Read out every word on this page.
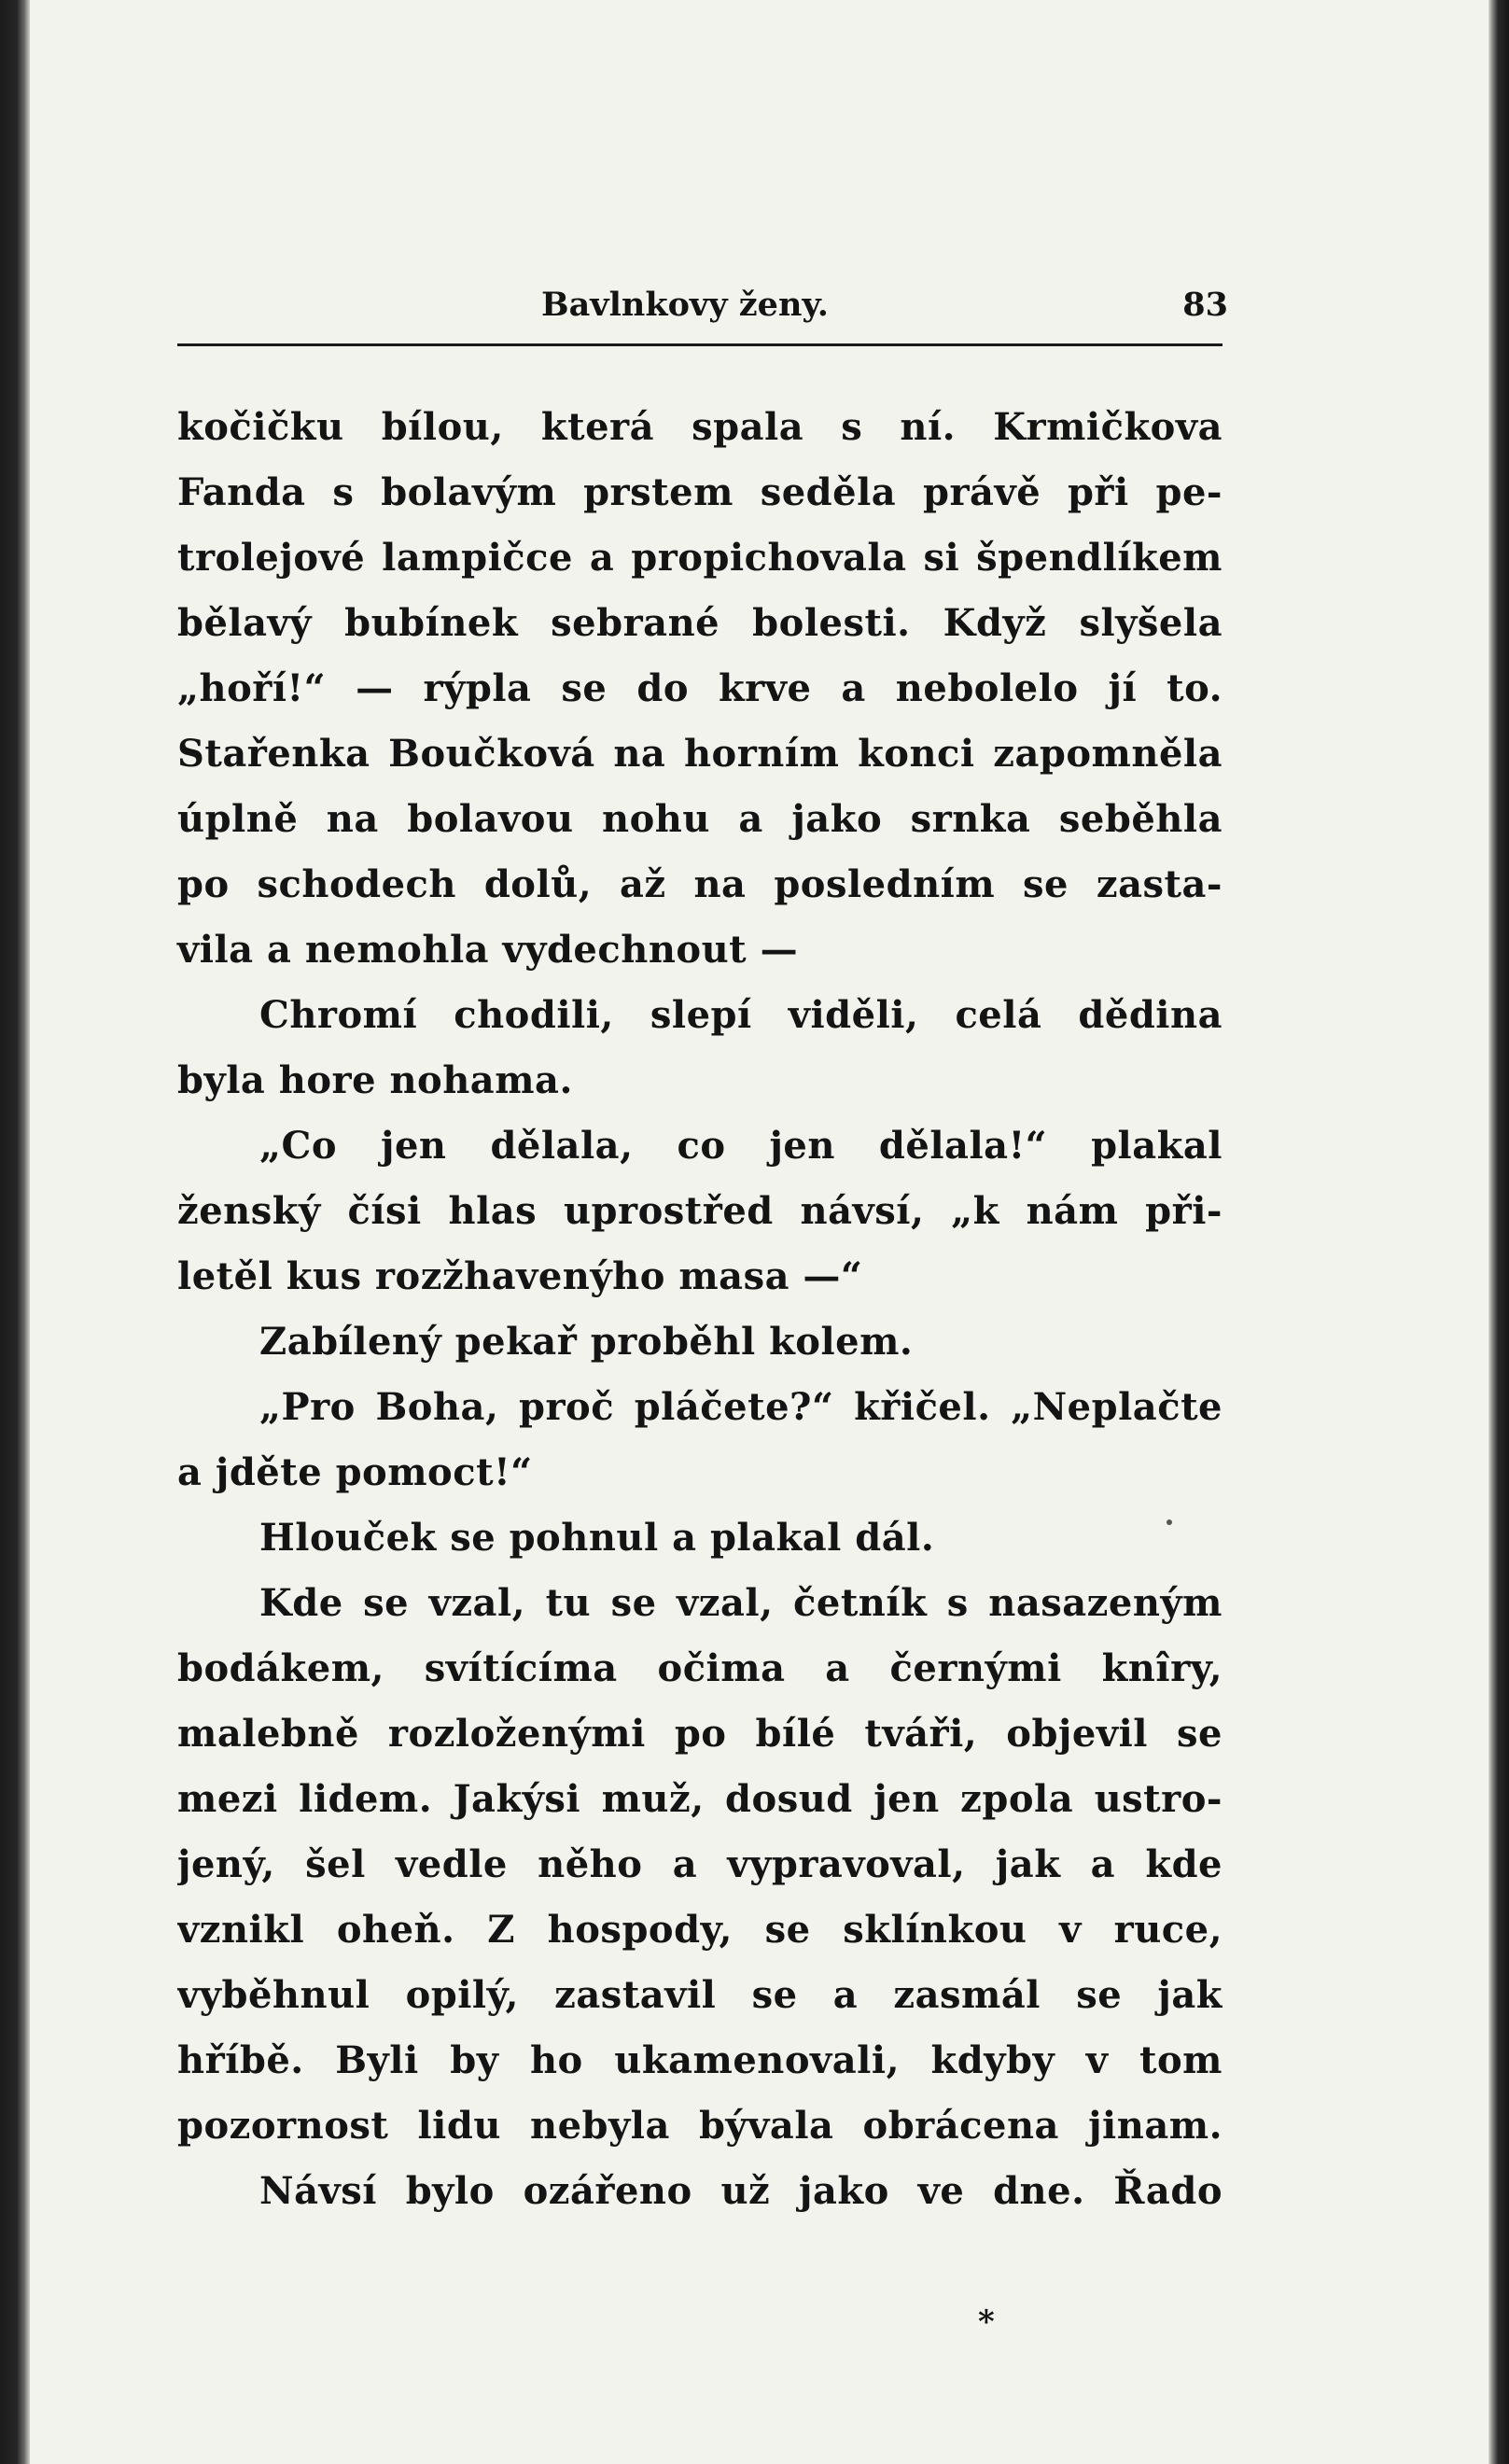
Bavlnkovy ženy.	83
kočičku bílou, která spala s ní. Krmičkova
Fanda s bolavým prstem seděla právě při pe-
trolejové lampičce a propichovala si špendlíkem
bělavý bubínek sebrané bolesti. Když slyšela
„hoří!“ — rýpla se do krve a nebolelo jí to.
Stařenka Boučková na horním konci zapomněla
úplně na bolavou nohu a jako srnka seběhla
po schodech dolů, až na posledním se zasta-
vila a nemohla vydechnout —
Chromí chodili, slepí viděli, celá dědina
byla hore nohama.
„Co jen dělala, co jen dělala!“ plakal
ženský čísi hlas uprostřed návsí, „k nám při-
letěl kus rozžhavenýho masa —“
Zabílený pekař proběhl kolem.
„Pro Boha, proč pláčete?“ křičel. „Neplačte
a jděte pomoct!“
Hlouček se pohnul a plakal dál.
Kde se vzal, tu se vzal, četník s nasazeným
bodákem, svítícíma očima a černými knîry,
malebně rozloženými po bílé tváři, objevil se
mezi lidem. Jakýsi muž, dosud jen zpola ustro-
jený, šel vedle něho a vypravoval, jak a kde
vznikl oheň. Z hospody, se sklínkou v ruce,
vyběhnul opilý, zastavil se a zasmál se jak
hříbě. Byli by ho ukamenovali, kdyby v tom
pozornost lidu nebyla bývala obrácena jinam.
Návsí bylo ozářeno už jako ve dne. Řado
*
